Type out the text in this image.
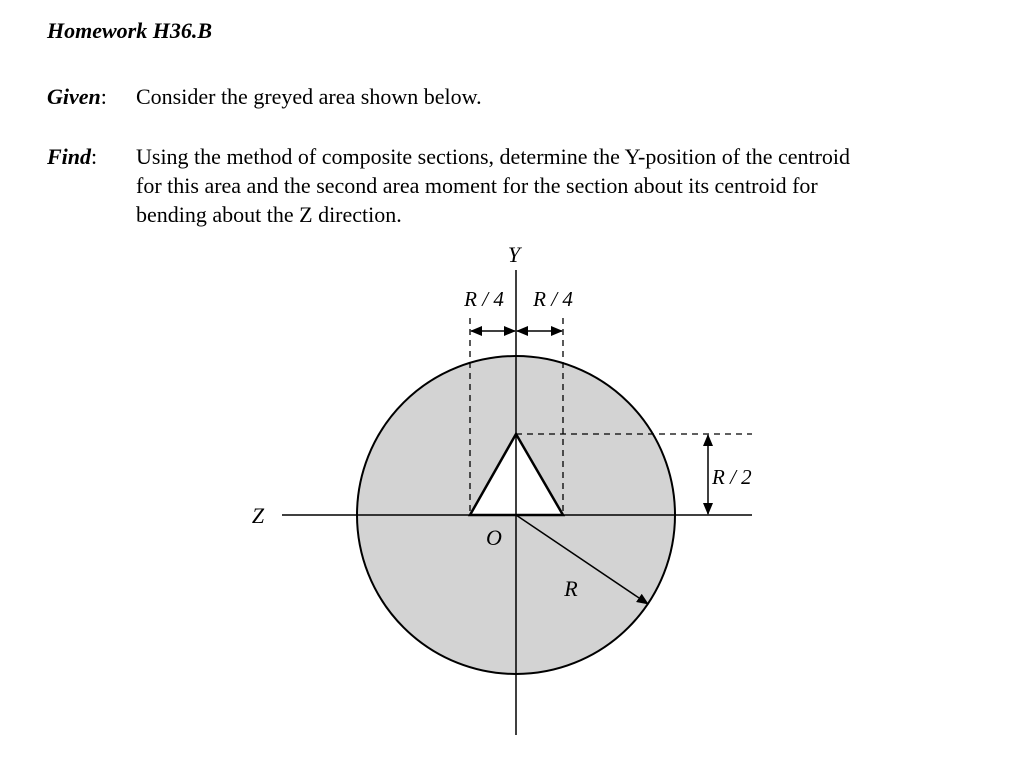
Homework H36.B
Given: Consider the greyed area shown below.
Find: Using the method of composite sections, determine the Y-position of the centroid
for this area and the second area moment for the section about its centroid for
bending about the Z direction.
Y
Z
O
R
R / 4 R / 4
R / 2
